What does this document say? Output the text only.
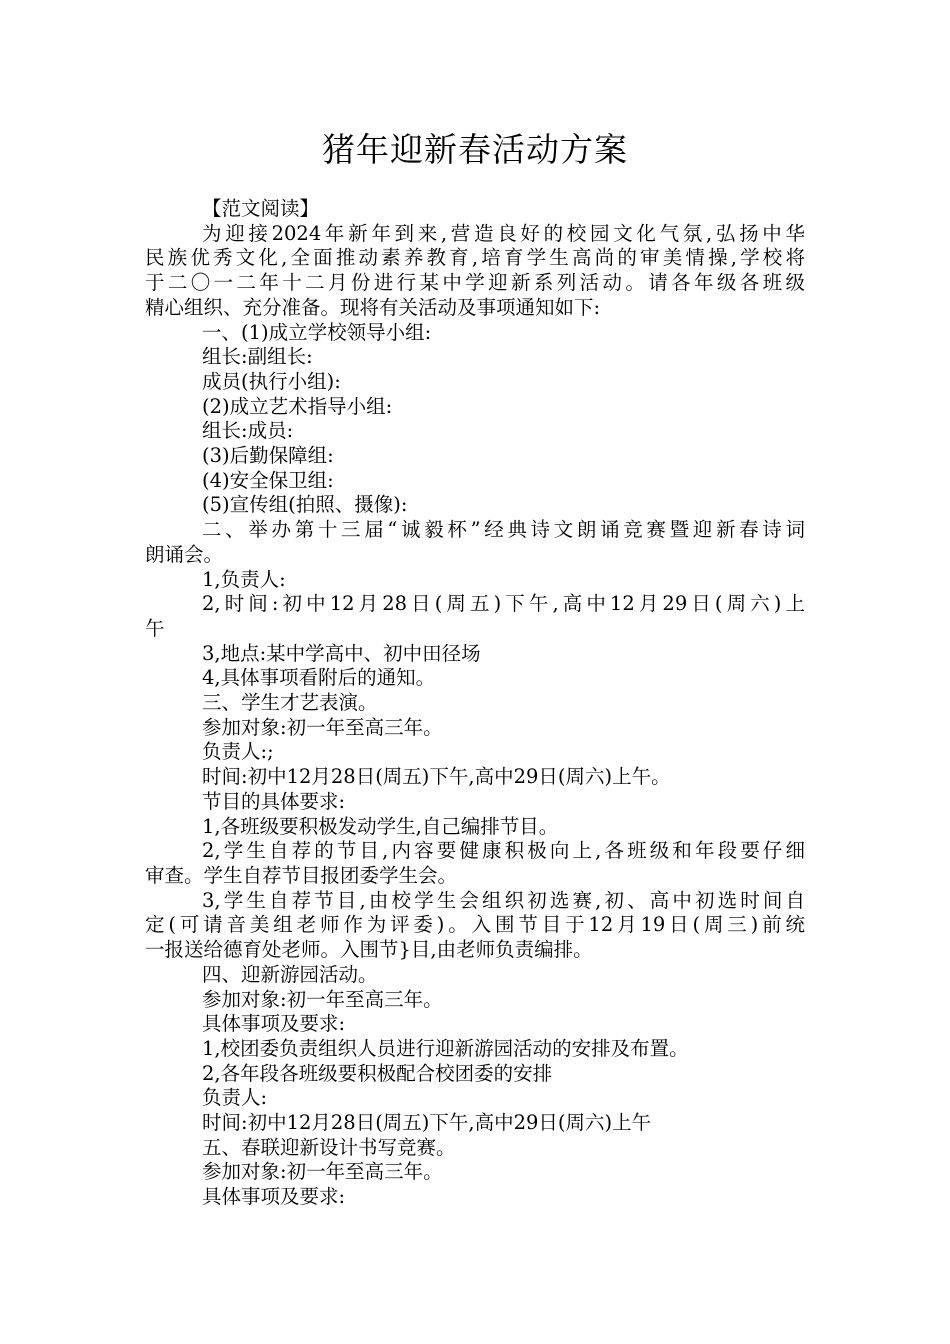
猪年迎新春活动方案
【范文阅读】
为迎接2024年新年到来,营造良好的校园文化气氛,弘扬中华
民族优秀文化,全面推动素养教育,培育学生高尚的审美情操,学校将
于二〇一二年十二月份进行某中学迎新系列活动。请各年级各班级
精心组织、充分准备。现将有关活动及事项通知如下:
一、(1)成立学校领导小组:
组长:副组长:
成员(执行小组):
(2)成立艺术指导小组:
组长:成员:
(3)后勤保障组:
(4)安全保卫组:
(5)宣传组(拍照、摄像):
二、举办第十三届“诚毅杯”经典诗文朗诵竞赛暨迎新春诗词
朗诵会。
1,负责人:
2,时间:初中12月28日(周五)下午,高中12月29日(周六)上
午
3,地点:某中学高中、初中田径场
4,具体事项看附后的通知。
三、学生才艺表演。
参加对象:初一年至高三年。
负责人:;
时间:初中12月28日(周五)下午,高中29日(周六)上午。
节目的具体要求:
1,各班级要积极发动学生,自己编排节目。
2,学生自荐的节目,内容要健康积极向上,各班级和年段要仔细
审查。学生自荐节目报团委学生会。
3,学生自荐节目,由校学生会组织初选赛,初、高中初选时间自
定(可请音美组老师作为评委)。入围节目于12月19日(周三)前统
一报送给德育处老师。入围节}目,由老师负责编排。
四、迎新游园活动。
参加对象:初一年至高三年。
具体事项及要求:
1,校团委负责组织人员进行迎新游园活动的安排及布置。
2,各年段各班级要积极配合校团委的安排
负责人:
时间:初中12月28日(周五)下午,高中29日(周六)上午
五、春联迎新设计书写竞赛。
参加对象:初一年至高三年。
具体事项及要求:
